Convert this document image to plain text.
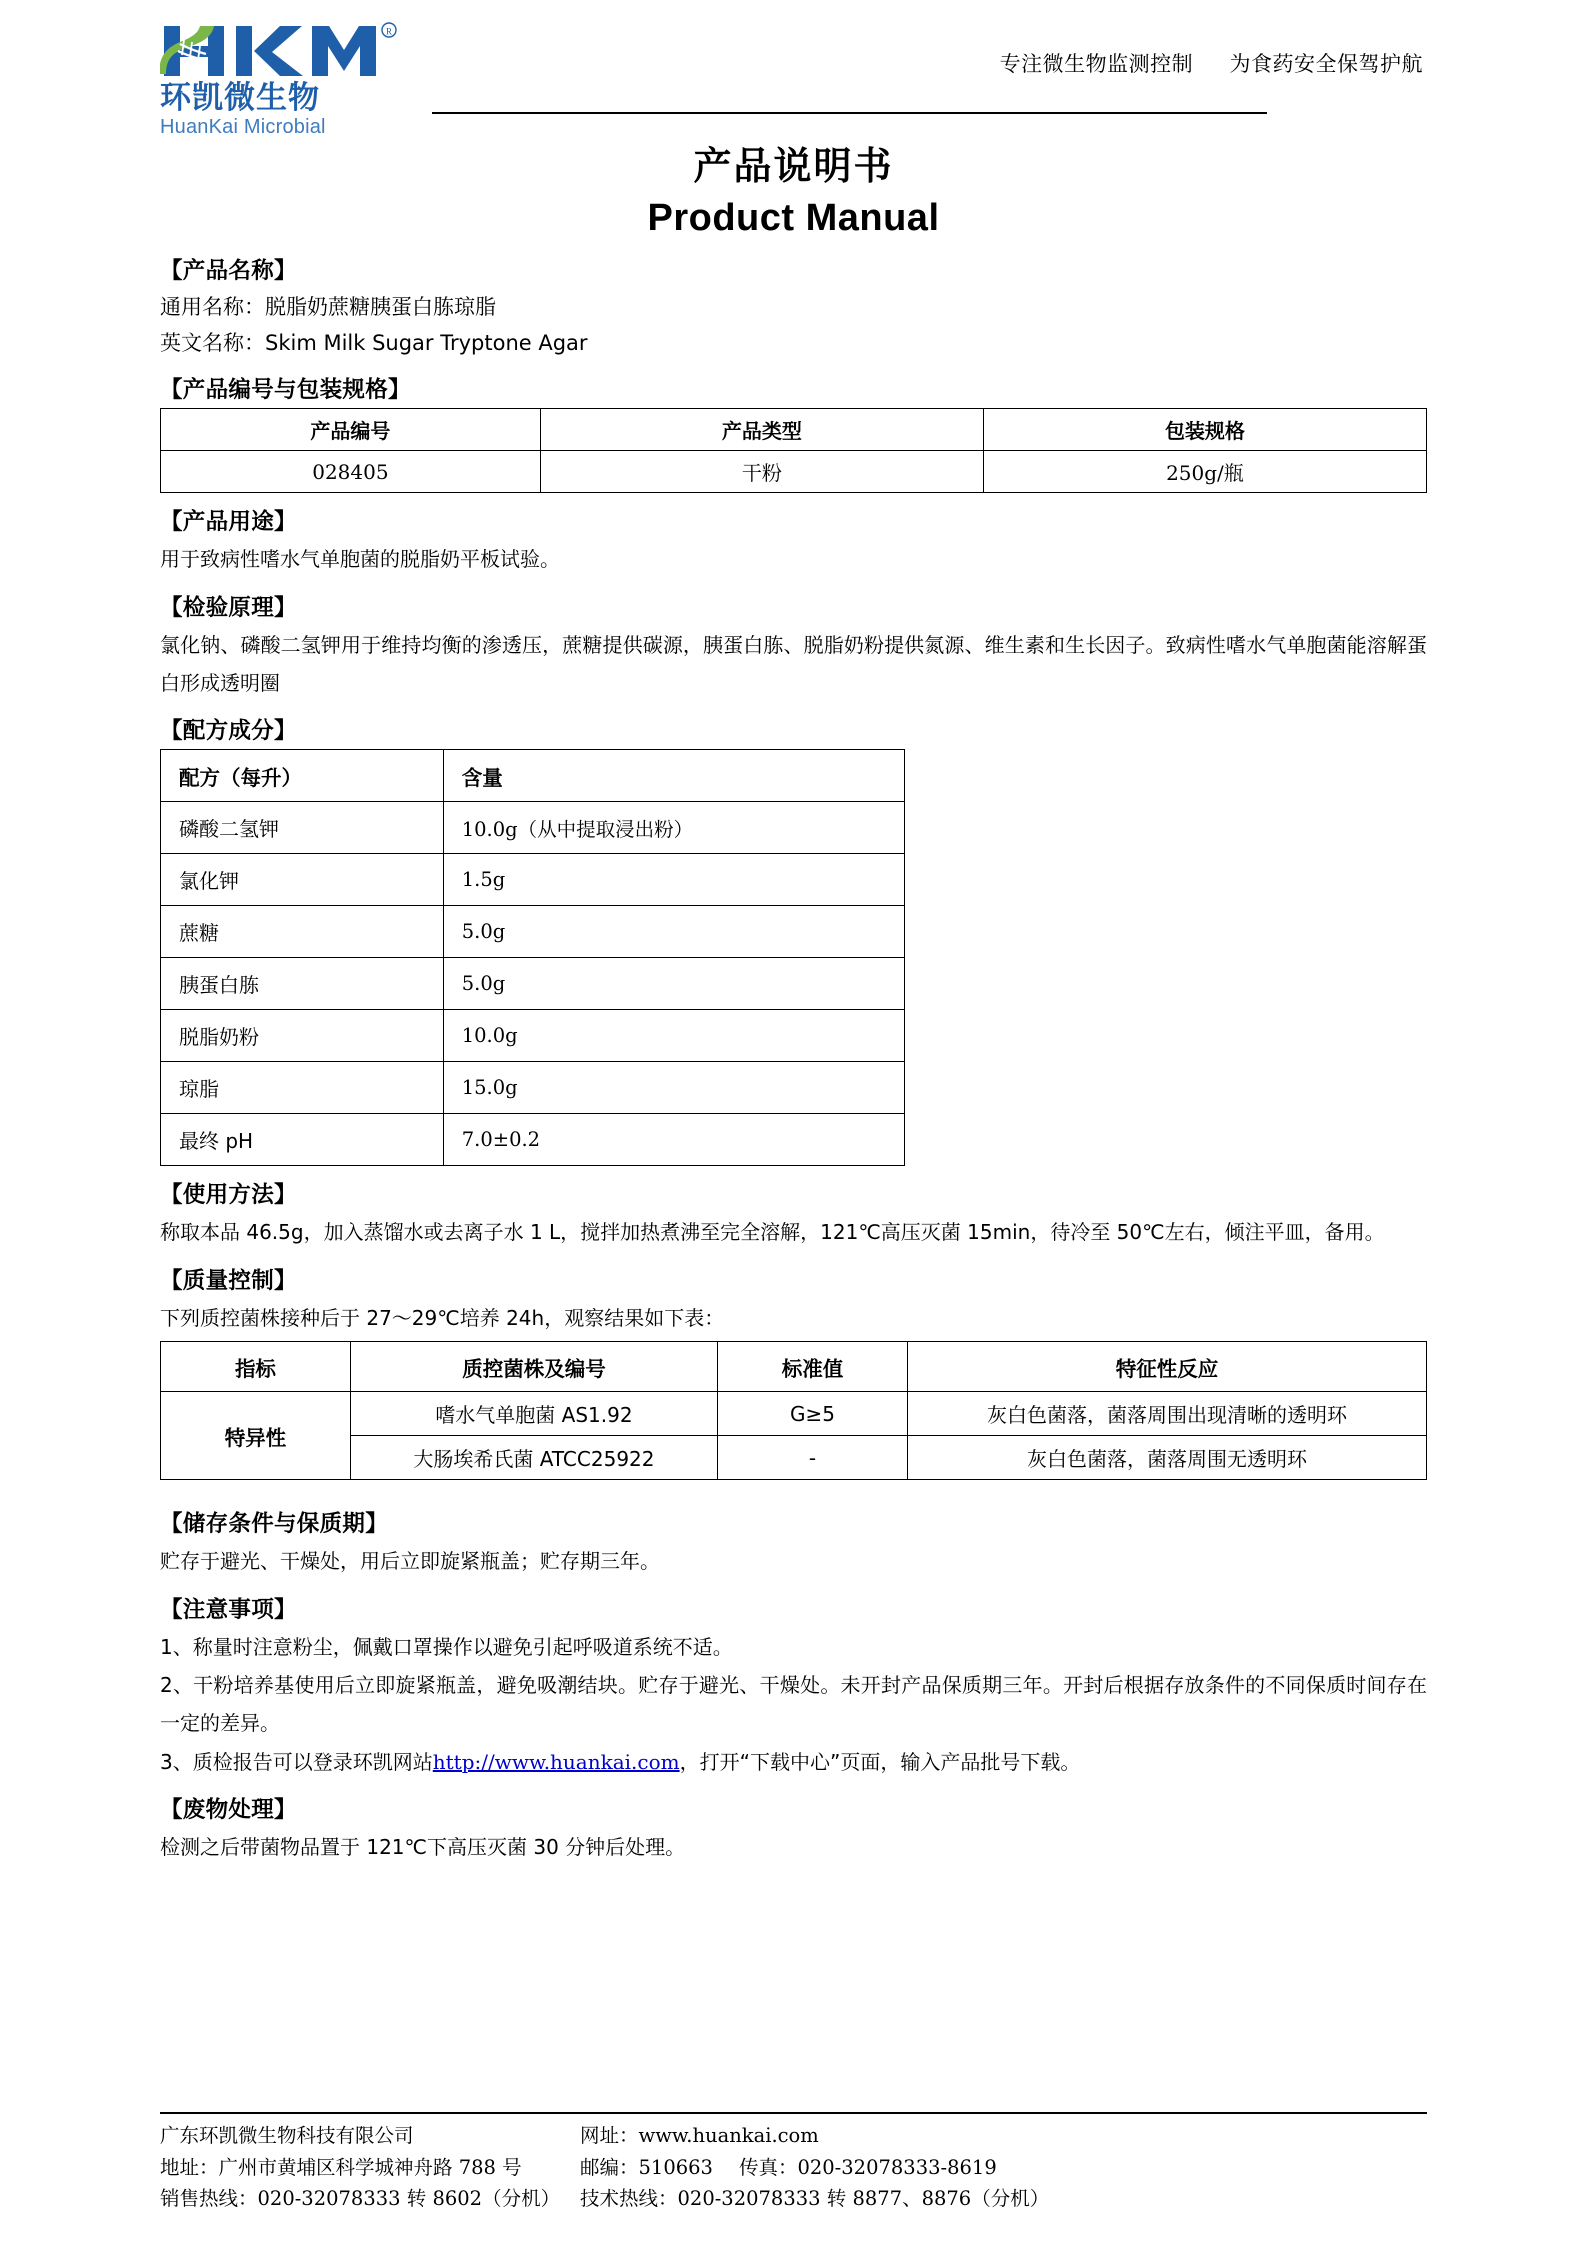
R
环凯微生物
HuanKai Microbial
专注微生物监测控制 为食药安全保驾护航
产品说明书
Product Manual
【产品名称】
通用名称：脱脂奶蔗糖胰蛋白胨琼脂
英文名称：Skim Milk Sugar Tryptone Agar
【产品编号与包装规格】
产品编号	产品类型	包装规格
028405	干粉	250g/瓶
【产品用途】

用于致病性嗜水气单胞菌的脱脂奶平板试验。

【检验原理】

氯化钠、磷酸二氢钾用于维持均衡的渗透压，蔗糖提供碳源，胰蛋白胨、脱脂奶粉提供氮源、维生素和生长因子。致病性嗜水气单胞菌能溶解蛋白形成透明圈

【配方成分】
配方（每升）	含量
磷酸二氢钾	10.0g（从中提取浸出粉）
氯化钾	1.5g
蔗糖	5.0g
胰蛋白胨	5.0g
脱脂奶粉	10.0g
琼脂	15.0g
最终 pH	7.0±0.2
【使用方法】

称取本品 46.5g，加入蒸馏水或去离子水 1 L，搅拌加热煮沸至完全溶解，121℃高压灭菌 15min，待冷至 50℃左右，倾注平皿，备用。

【质量控制】

下列质控菌株接种后于 27～29℃培养 24h，观察结果如下表：

指标	质控菌株及编号	标准值	特征性反应
特异性	嗜水气单胞菌 AS1.92	G≥5	灰白色菌落，菌落周围出现清晰的透明环
	大肠埃希氏菌 ATCC25922	-	灰白色菌落，菌落周围无透明环
【储存条件与保质期】

贮存于避光、干燥处，用后立即旋紧瓶盖；贮存期三年。

【注意事项】

1、称量时注意粉尘，佩戴口罩操作以避免引起呼吸道系统不适。

2、干粉培养基使用后立即旋紧瓶盖，避免吸潮结块。贮存于避光、干燥处。未开封产品保质期三年。开封后根据存放条件的不同保质时间存在一定的差异。

3、质检报告可以登录环凯网站http://www.huankai.com，打开“下载中心”页面，输入产品批号下载。

【废物处理】

检测之后带菌物品置于 121℃下高压灭菌 30 分钟后处理。

广东环凯微生物科技有限公司
地址：广州市黄埔区科学城神舟路 788 号
销售热线：020-32078333 转 8602（分机）
网址：www.huankai.com
邮编：510663 传真：020-32078333-8619
技术热线：020-32078333 转 8877、8876（分机）
